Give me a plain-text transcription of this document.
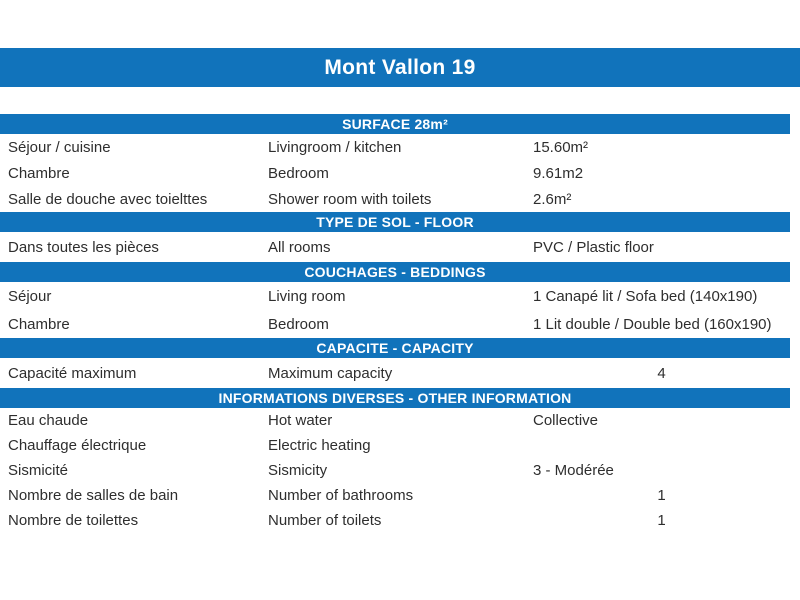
Mont Vallon 19
SURFACE 28m²
Séjour / cuisine	Livingroom / kitchen	15.60m²
Chambre	Bedroom	9.61m2
Salle de douche avec toielttes	Shower room with toilets	2.6m²
TYPE DE SOL - FLOOR
Dans toutes les pièces	All rooms	PVC / Plastic floor
COUCHAGES - BEDDINGS
Séjour	Living room	1 Canapé lit / Sofa bed (140x190)
Chambre	Bedroom	1 Lit double / Double bed (160x190)
CAPACITE - CAPACITY
Capacité maximum	Maximum capacity	4
INFORMATIONS DIVERSES - OTHER INFORMATION
Eau chaude	Hot water	Collective
Chauffage électrique	Electric heating
Sismicité	Sismicity	3 - Modérée
Nombre de salles de bain	Number of bathrooms	1
Nombre de toilettes	Number of toilets	1
